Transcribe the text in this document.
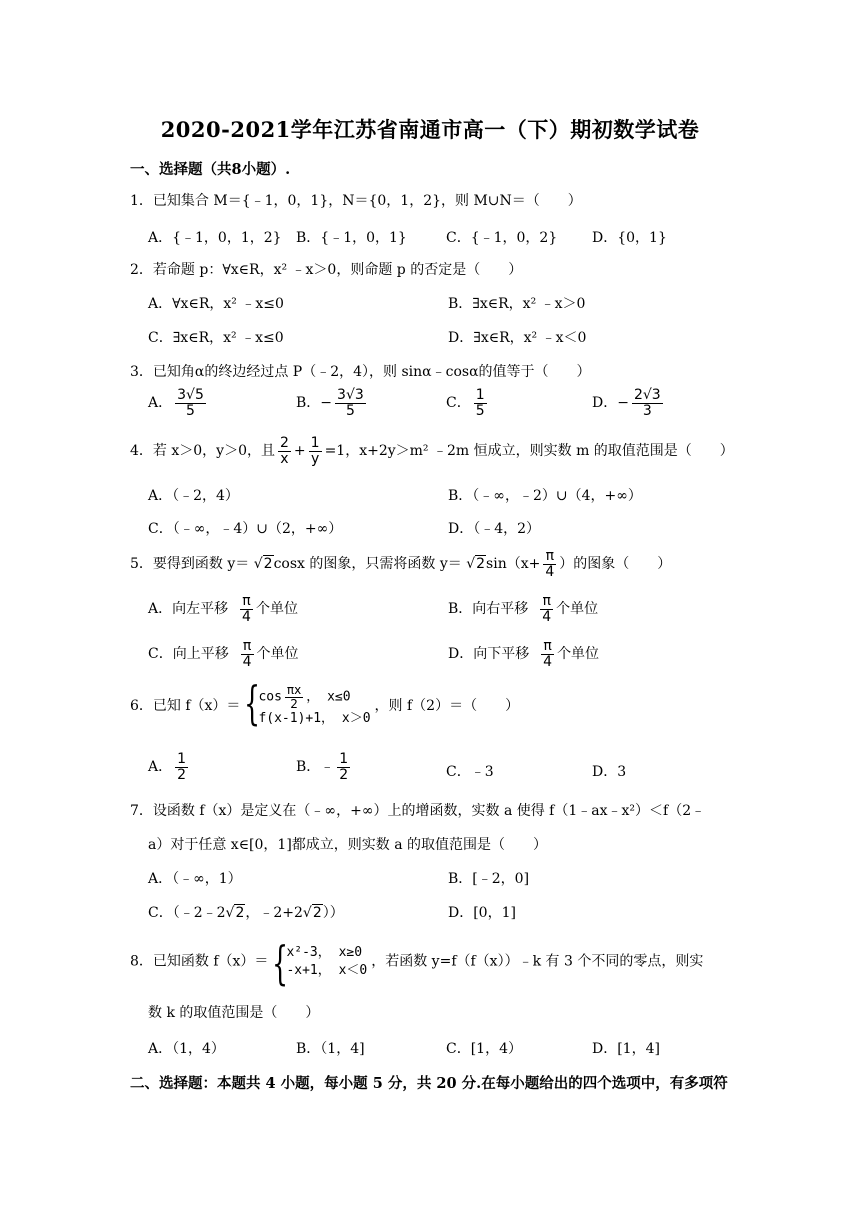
2020-2021学年江苏省南通市高一（下）期初数学试卷
一、选择题（共8小题）.
1．已知集合 M＝{﹣1，0，1}，N＝{0，1，2}，则 M∪N＝（　　）
A．{﹣1，0，1，2} B．{﹣1，0，1}	C．{﹣1，0，2} D．{0，1}
2．若命题 p：∀x∈R，x² ﹣x＞0，则命题 p 的否定是（　　）
A．∀x∈R，x² ﹣x≤0	B．∃x∈R，x² ﹣x＞0
C．∃x∈R，x² ﹣x≤0	D．∃x∈R，x² ﹣x＜0
3．已知角α的终边经过点 P（﹣2，4），则 sinα﹣cosα的值等于（　　）
A． $\frac{3√5}{5}$	B．− $\frac{3√3}{5}$	C． $\frac{1}{5}$	D．− $\frac{2√3}{3}$
4．若 x＞0，y＞0，且 $\frac{2}{x} + \frac{1}{y} =1$，x+2y＞m² ﹣2m 恒成立，则实数 m 的取值范围是（　　）
A．（﹣2，4）	B．（﹣∞，﹣2）∪（4，+∞）
C．（﹣∞，﹣4）∪（2，+∞）	D．（﹣4，2）
5．要得到函数 y＝ √2cosx 的图象，只需将函数 $y= √2\sin(x+ \frac{\pi}{4}$ ）的图象（　　）
A．向左平移 $\frac{\pi}{4}$ 个单位	B．向右平移 $\frac{\pi}{4}$ 个单位
C．向上平移 $\frac{\pi}{4}$ 个单位	D．向下平移 $\frac{\pi}{4}$ 个单位
6．已知 f（x）＝ {
$\cos \frac{\pi x}{2}$ ， x≤0
f(x-1)+1， x＞0
，则 f（2）＝（　　）
A． $\frac{1}{2}$	B．﹣ $\frac{1}{2}$	C．﹣3	D．3
7．设函数 f（x）是定义在（﹣∞，+∞）上的增函数，实数 a 使得 f（1﹣ax﹣x²）＜f（2﹣
a）对于任意 x∈[0，1]都成立，则实数 a 的取值范围是（　　）
A．（﹣∞，1）	B．[﹣2，0]
C．（﹣2﹣2√2，﹣2+2√2））	D．[0，1]
8．已知函数 f（x）＝ {
x²-3， x≥0
-x+1， x＜0
，若函数 y=f（f（x））﹣k 有 3 个不同的零点，则实
数 k 的取值范围是（　　）
A．（1，4）	B．（1，4]	C．[1，4）	D．[1，4]
二、选择题：本题共 4 小题，每小题 5 分，共 20 分.在每小题给出的四个选项中，有多项符
